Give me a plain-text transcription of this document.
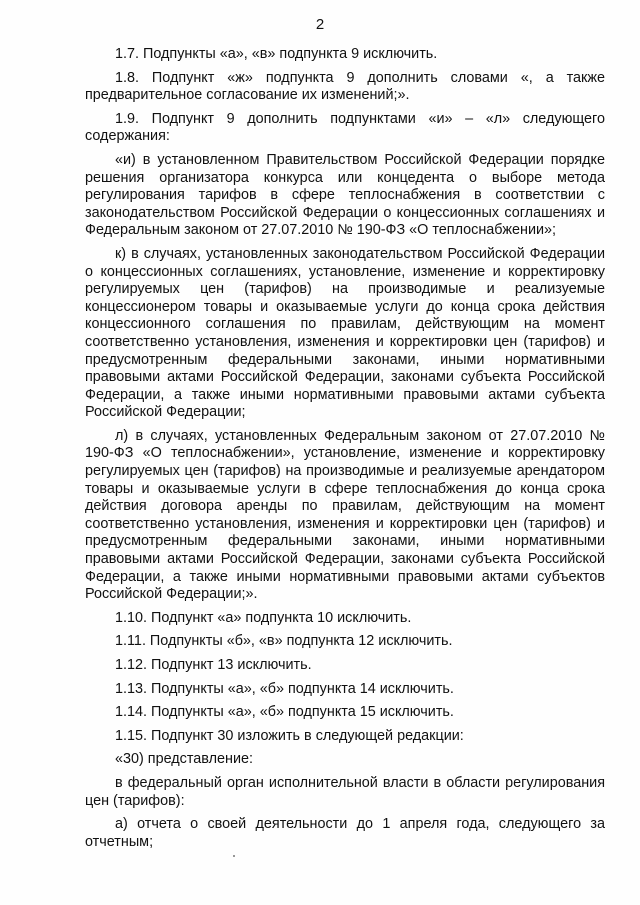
2

1.7. Подпункты «а», «в» подпункта 9 исключить.

1.8. Подпункт «ж» подпункта 9 дополнить словами «, а также предварительное согласование их изменений;».

1.9. Подпункт 9 дополнить подпунктами «и» – «л» следующего содержания:

«и) в установленном Правительством Российской Федерации порядке решения организатора конкурса или концедента о выборе метода регулирования тарифов в сфере теплоснабжения в соответствии с законодательством Российской Федерации о концессионных соглашениях и Федеральным законом от 27.07.2010 № 190-ФЗ «О теплоснабжении»;

к) в случаях, установленных законодательством Российской Федерации о концессионных соглашениях, установление, изменение и корректировку регулируемых цен (тарифов) на производимые и реализуемые концессионером товары и оказываемые услуги до конца срока действия концессионного соглашения по правилам, действующим на момент соответственно установления, изменения и корректировки цен (тарифов) и предусмотренным федеральными законами, иными нормативными правовыми актами Российской Федерации, законами субъекта Российской Федерации, а также иными нормативными правовыми актами субъекта Российской Федерации;

л) в случаях, установленных Федеральным законом от 27.07.2010 № 190-ФЗ «О теплоснабжении», установление, изменение и корректировку регулируемых цен (тарифов) на производимые и реализуемые арендатором товары и оказываемые услуги в сфере теплоснабжения до конца срока действия договора аренды по правилам, действующим на момент соответственно установления, изменения и корректировки цен (тарифов) и предусмотренным федеральными законами, иными нормативными правовыми актами Российской Федерации, законами субъекта Российской Федерации, а также иными нормативными правовыми актами субъектов Российской Федерации;».

1.10. Подпункт «а» подпункта 10 исключить.

1.11. Подпункты «б», «в» подпункта 12 исключить.

1.12. Подпункт 13 исключить.

1.13. Подпункты «а», «б» подпункта 14 исключить.

1.14. Подпункты «а», «б» подпункта 15 исключить.

1.15. Подпункт 30 изложить в следующей редакции:

«30) представление:

в федеральный орган исполнительной власти в области регулирования цен (тарифов):

а) отчета о своей деятельности до 1 апреля года, следующего за отчетным;
